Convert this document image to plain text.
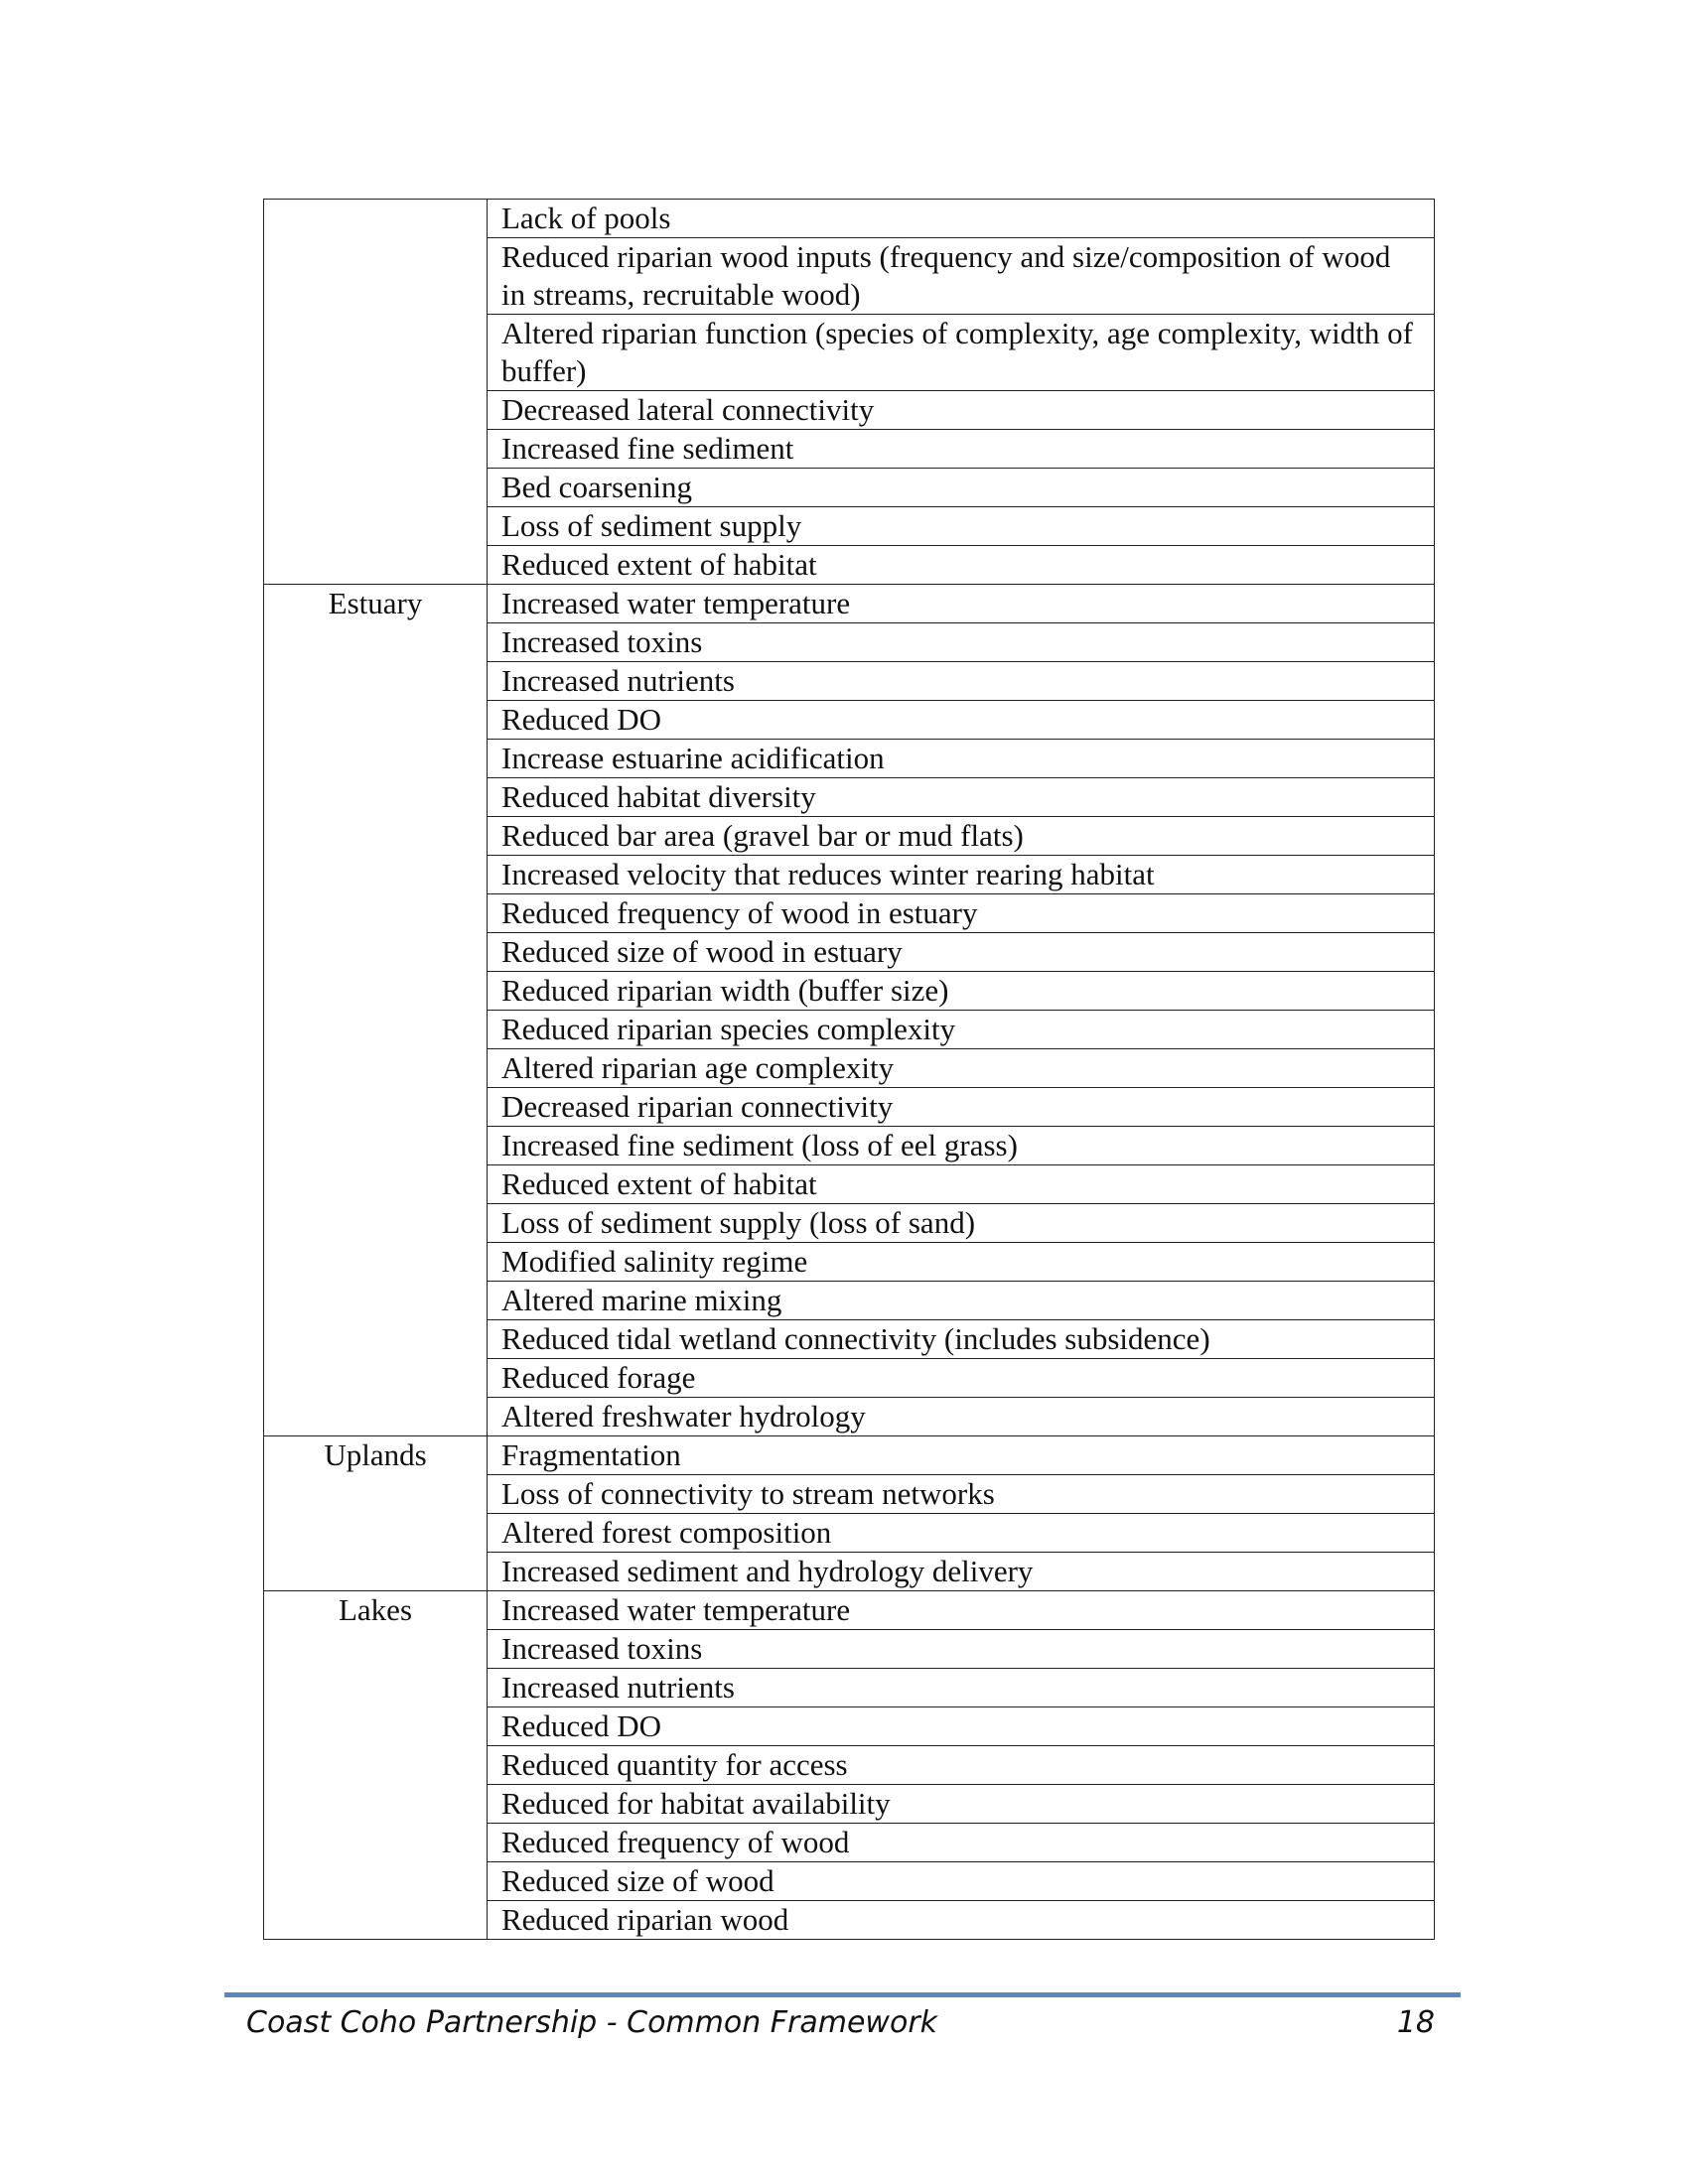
	Lack of pools
	Reduced riparian wood inputs (frequency and size/composition of wood in streams, recruitable wood)
	Altered riparian function (species of complexity, age complexity, width of buffer)
	Decreased lateral connectivity
	Increased fine sediment
	Bed coarsening
	Loss of sediment supply
	Reduced extent of habitat
Estuary	Increased water temperature
	Increased toxins
	Increased nutrients
	Reduced DO
	Increase estuarine acidification
	Reduced habitat diversity
	Reduced bar area (gravel bar or mud flats)
	Increased velocity that reduces winter rearing habitat
	Reduced frequency of wood in estuary
	Reduced size of wood in estuary
	Reduced riparian width (buffer size)
	Reduced riparian species complexity
	Altered riparian age complexity
	Decreased riparian connectivity
	Increased fine sediment (loss of eel grass)
	Reduced extent of habitat
	Loss of sediment supply (loss of sand)
	Modified salinity regime
	Altered marine mixing
	Reduced tidal wetland connectivity (includes subsidence)
	Reduced forage
	Altered freshwater hydrology
Uplands	Fragmentation
	Loss of connectivity to stream networks
	Altered forest composition
	Increased sediment and hydrology delivery
Lakes	Increased water temperature
	Increased toxins
	Increased nutrients
	Reduced DO
	Reduced quantity for access
	Reduced for habitat availability
	Reduced frequency of wood
	Reduced size of wood
	Reduced riparian wood
Coast Coho Partnership - Common Framework	18
